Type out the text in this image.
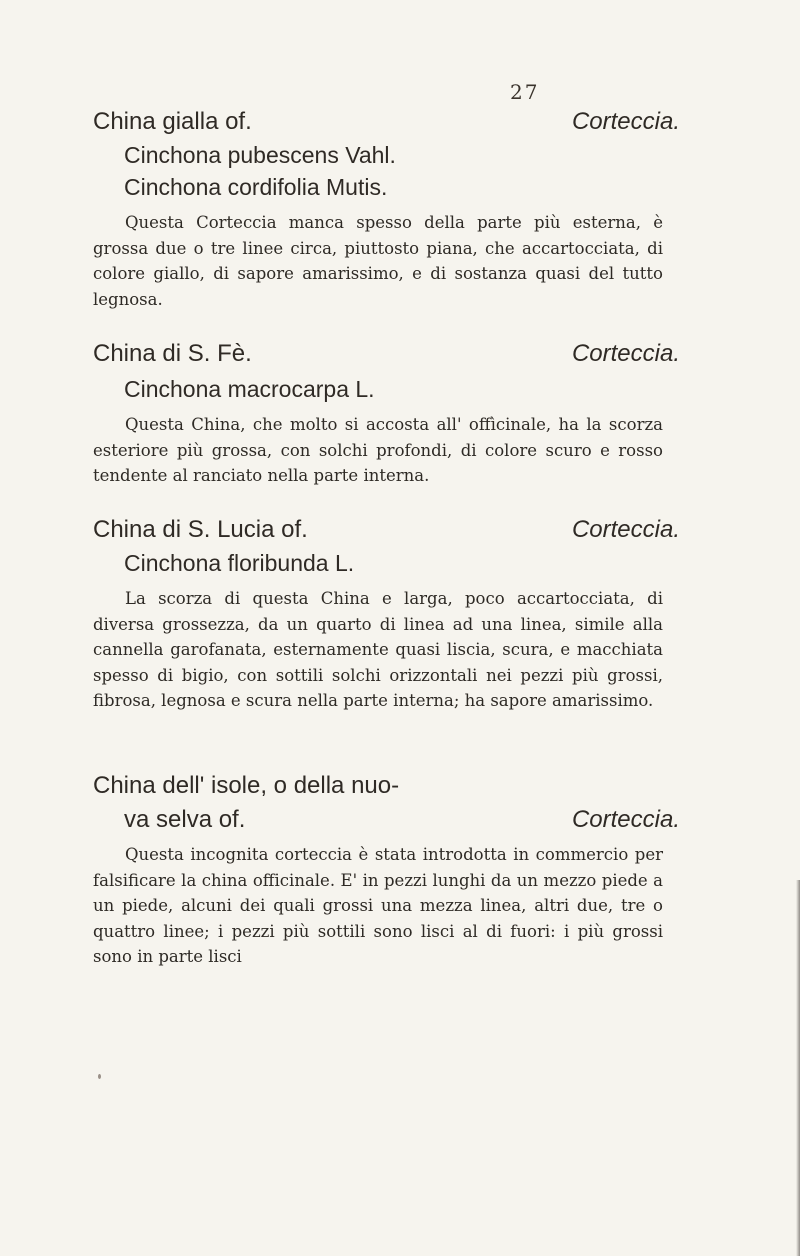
27
China gialla of.	Corteccia.
Cinchona pubescens Vahl.
Cinchona cordifolia Mutis.
Questa Corteccia manca spesso della parte più esterna, è grossa due o tre linee circa, piuttosto piana, che accartocciata, di colore giallo, di sapore amarissimo, e di sostanza quasi del tutto legnosa.
China di S. Fè.	Corteccia.
Cinchona macrocarpa L.
Questa China, che molto si accosta all' offìcinale, ha la scorza esteriore più grossa, con solchi profondi, di colore scuro e rosso tendente al ranciato nella parte interna.
China di S. Lucia of.	Corteccia.
Cinchona floribunda L.
La scorza di questa China e larga, poco accartocciata, di diversa grossezza, da un quarto di linea ad una linea, simile alla cannella garofanata, esternamente quasi liscia, scura, e macchiata spesso di bigio, con sottili solchi orizzontali nei pezzi più grossi, fibrosa, legnosa e scura nella parte interna; ha sapore amarissimo.
China dell' isole, o della nuo-
va selva of.	Corteccia.
Questa incognita corteccia è stata introdotta in commercio per falsificare la china officinale. E' in pezzi lunghi da un mezzo piede a un piede, alcuni dei quali grossi una mezza linea, altri due, tre o quattro linee; i pezzi più sottili sono lisci al di fuori: i più grossi sono in parte lisci
